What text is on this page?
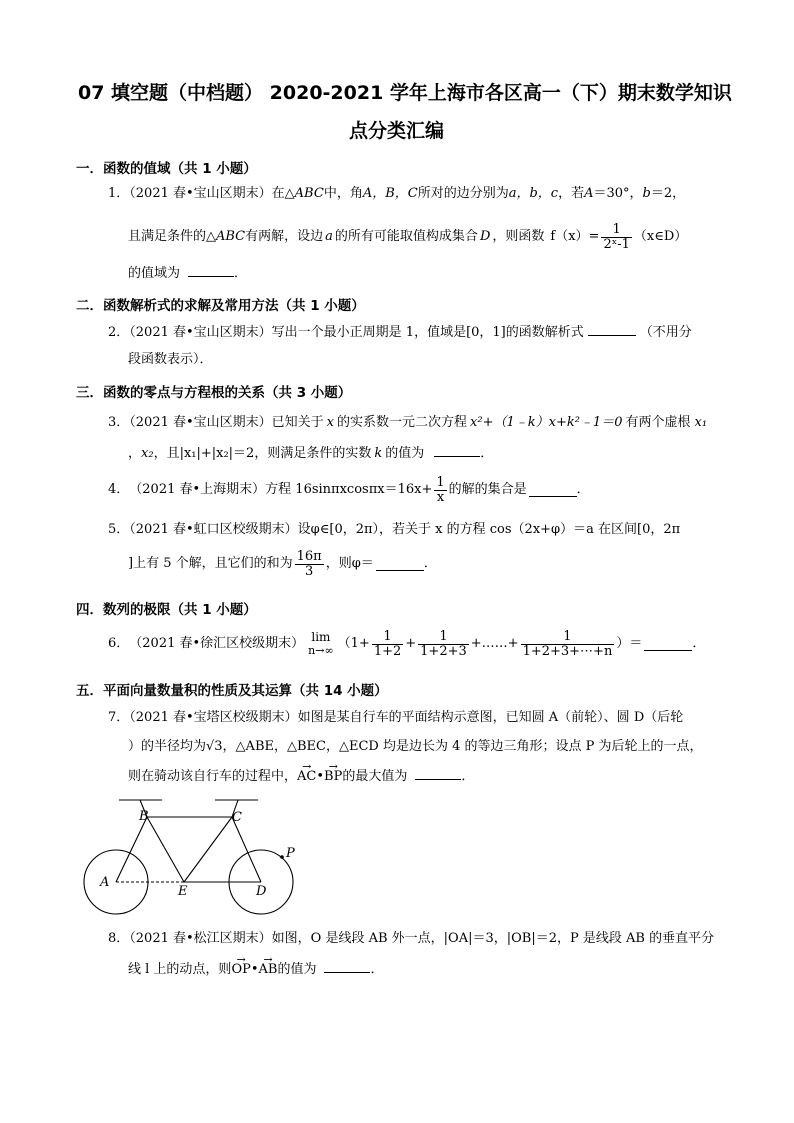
07 填空题（中档题） 2020-2021 学年上海市各区高一（下）期末数学知识
点分类汇编
一．函数的值域（共 1 小题）
1．（2021 春•宝山区期末）在△ABC中，角A，B，C所对的边分别为a，b，c，若A＝30°，b＝2，
且满足条件的△ ABC 有两解，设边 a 的所有可能取值构成集合 D ，则函数 $f(x)= \frac{1}{\text{2ˣ-1}}$ （x∈D）
的值域为	．
二．函数解析式的求解及常用方法（共 1 小题）
2．（2021 春•宝山区期末）写出一个最小正周期是 1，值域是[0，1]的函数解析式	（不用分
段函数表示）．
三．函数的零点与方程根的关系（共 3 小题）
3．（2021 春•宝山区期末）已知关于 x 的实系数一元二次方程 x²+（1﹣k）x+k²﹣1＝0 有两个虚根 x₁
，x₂，且|x₁|+|x₂|＝2，则满足条件的实数 k 的值为	．
4． （2021 春•上海期末）方程 $16\sin\pi xcos\pi x=16x+ \frac{1}{x}$ 的解的集合是	．
5．（2021 春•虹口区校级期末）设φ∈[0，2π），若关于 x 的方程 cos（2x+φ）＝a 在区间[0，2π
]上有 5 个解，且它们的和为 $\frac{16\pi}{3}$ ，则φ＝	．
四．数列的极限（共 1 小题）
6． （2021 春•徐汇区校级期末） lim
n→∞ （$1+ \frac{1}{1+2} + \frac{1}{1+2+3}$ +……+ $\frac{1}{1+2+3+\cdots+n}$ ）＝	．
五．平面向量数量积的性质及其运算（共 14 小题）
7．（2021 春•宝塔区校级期末）如图是某自行车的平面结构示意图，已知圆 A（前轮）、圆 D（后轮
）的半径均为√3，△ABE，△BEC，△ECD 均是边长为 4 的等边三角形；设点 P 为后轮上的一点，
则在骑动该自行车的过程中，→ AC•→ BP的最大值为	．
A
B	C
D
E
P
8．（2021 春•松江区期末）如图，O 是线段 AB 外一点，|OA|＝3，|OB|＝2，P 是线段 AB 的垂直平分
线 l 上的动点，则→ OP•→ AB的值为	．
